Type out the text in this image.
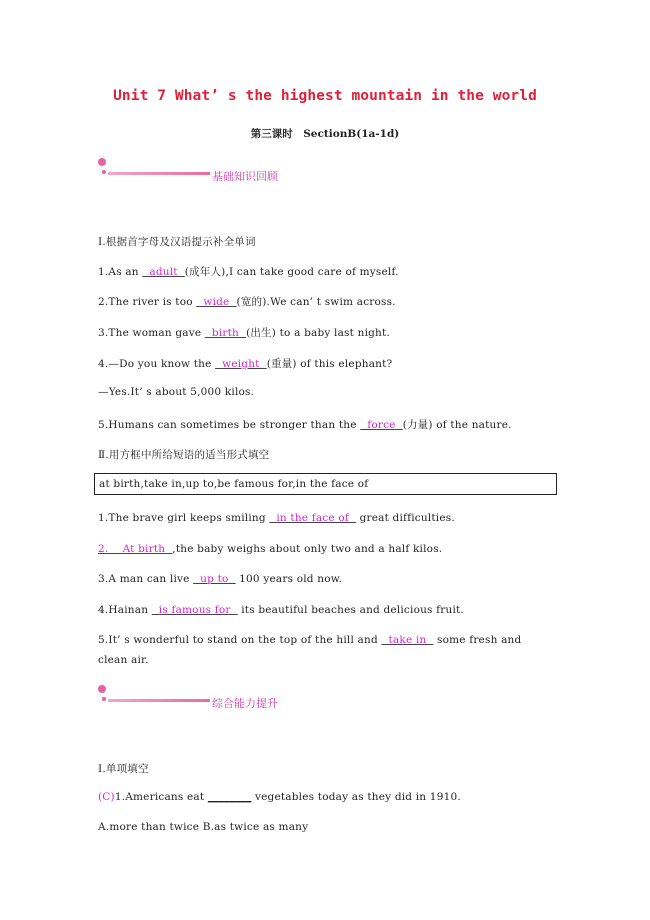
Unit 7 What’ s the highest mountain in the world
第三课时　SectionB(1a-1d)
基础知识回顾
Ⅰ.根据首字母及汉语提示补全单词
1.As an   adult  (成年人),I can take good care of myself.
2.The river is too   wide  (宽的).We can’ t swim across.
3.The woman gave   birth  (出生) to a baby last night.
4.—Do you know the   weight  (重量) of this elephant?
—Yes.It’ s about 5,000 kilos.
5.Humans can sometimes be stronger than the   force  (力量) of the nature.
Ⅱ.用方框中所给短语的适当形式填空
at birth,take in,up to,be famous for,in the face of
1.The brave girl keeps smiling   in the face of   great difficulties.
2.    At birth  ,the baby weighs about only two and a half kilos.
3.A man can live   up to   100 years old now.
4.Hainan   is famous for   its beautiful beaches and delicious fruit.
5.It’ s wonderful to stand on the top of the hill and   take in   some fresh and
clean air.
综合能力提升
Ⅰ.单项填空
(C)1.Americans eat ________ vegetables today as they did in 1910.
A.more than twice B.as twice as many
